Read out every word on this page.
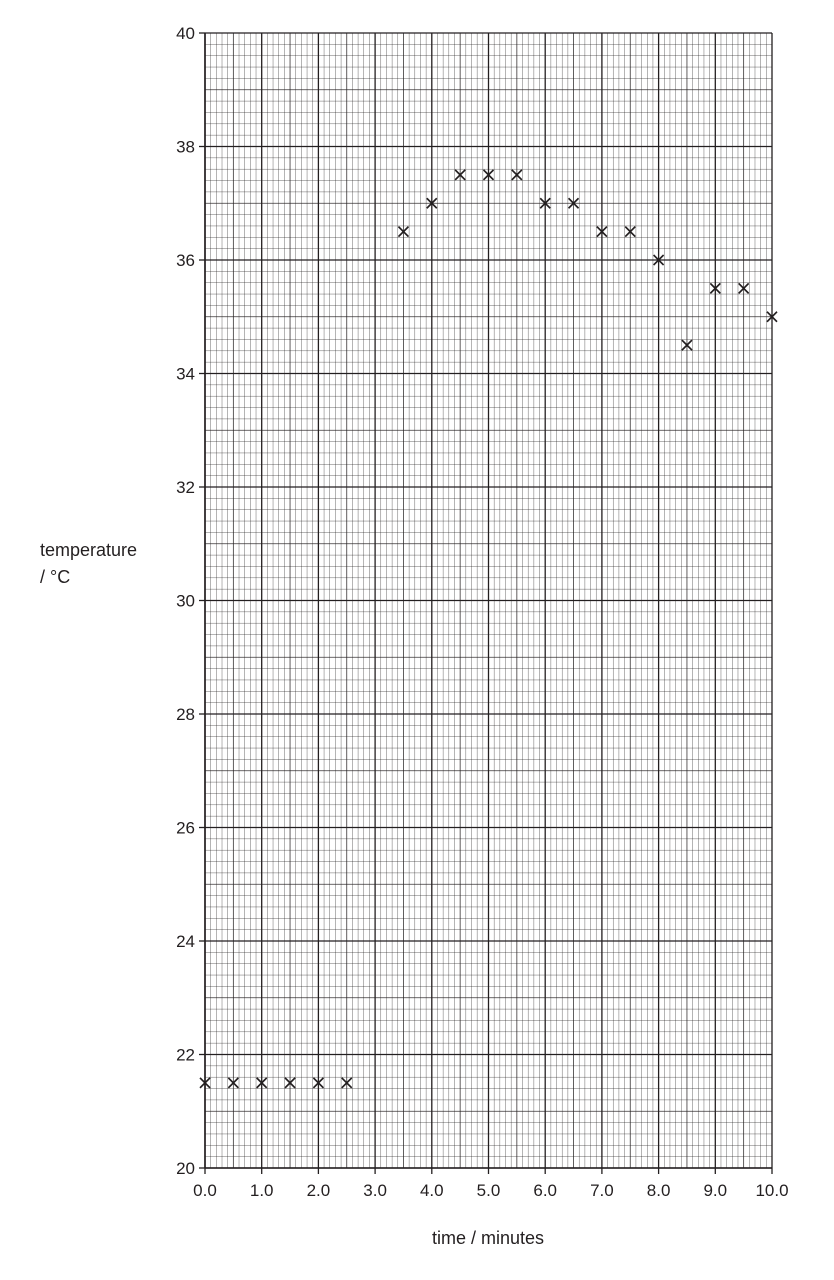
20
22
24
26
28
30
32
34
36
38
40
0.0 1.0 2.0 3.0 4.0 5.0 6.0 7.0 8.0 9.0 10.0
temperature
/ °C
time / minutes
